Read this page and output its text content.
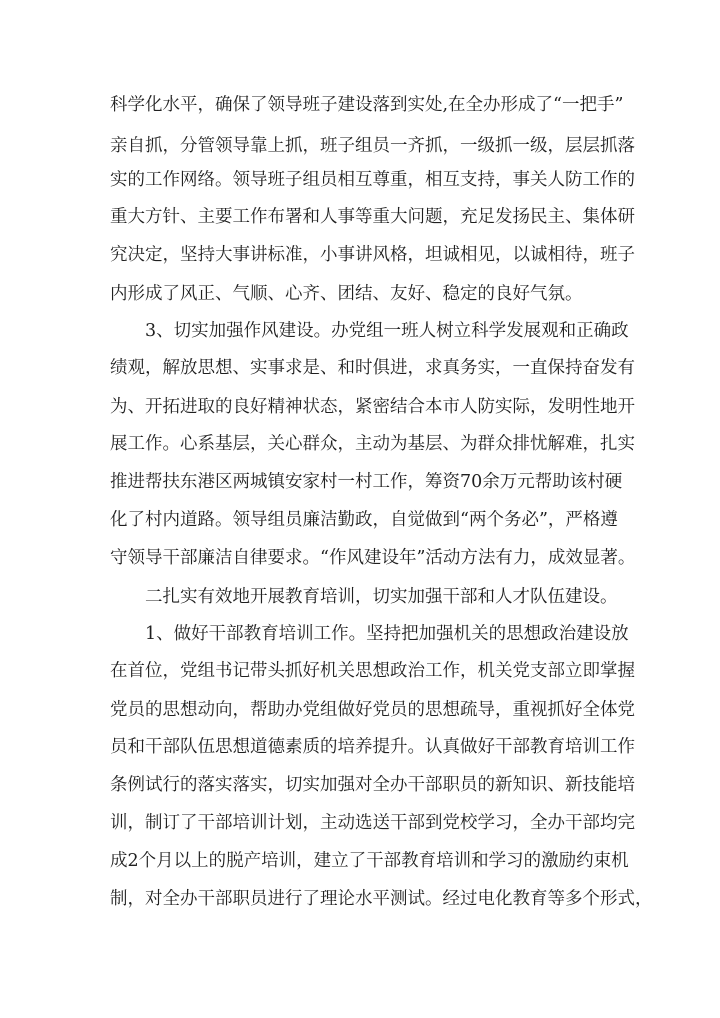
科学化水平，确保了领导班子建设落到实处,在全办形成了“一把手”
亲自抓，分管领导靠上抓，班子组员一齐抓，一级抓一级，层层抓落
实的工作网络。领导班子组员相互尊重，相互支持，事关人防工作的
重大方针、主要工作布署和人事等重大问题，充足发扬民主、集体研
究决定，坚持大事讲标准，小事讲风格，坦诚相见，以诚相待，班子
内形成了风正、气顺、心齐、团结、友好、稳定的良好气氛。
3、切实加强作风建设。办党组一班人树立科学发展观和正确政
绩观，解放思想、实事求是、和时俱进，求真务实，一直保持奋发有
为、开拓进取的良好精神状态，紧密结合本市人防实际，发明性地开
展工作。心系基层，关心群众，主动为基层、为群众排忧解难，扎实
推进帮扶东港区两城镇安家村一村工作，筹资70余万元帮助该村硬
化了村内道路。领导组员廉洁勤政，自觉做到“两个务必”，严格遵
守领导干部廉洁自律要求。“作风建设年”活动方法有力，成效显著。
二扎实有效地开展教育培训，切实加强干部和人才队伍建设。
1、做好干部教育培训工作。坚持把加强机关的思想政治建设放
在首位，党组书记带头抓好机关思想政治工作，机关党支部立即掌握
党员的思想动向，帮助办党组做好党员的思想疏导，重视抓好全体党
员和干部队伍思想道德素质的培养提升。认真做好干部教育培训工作
条例试行的落实落实，切实加强对全办干部职员的新知识、新技能培
训，制订了干部培训计划，主动选送干部到党校学习，全办干部均完
成2个月以上的脱产培训，建立了干部教育培训和学习的激励约束机
制，对全办干部职员进行了理论水平测试。经过电化教育等多个形式，
